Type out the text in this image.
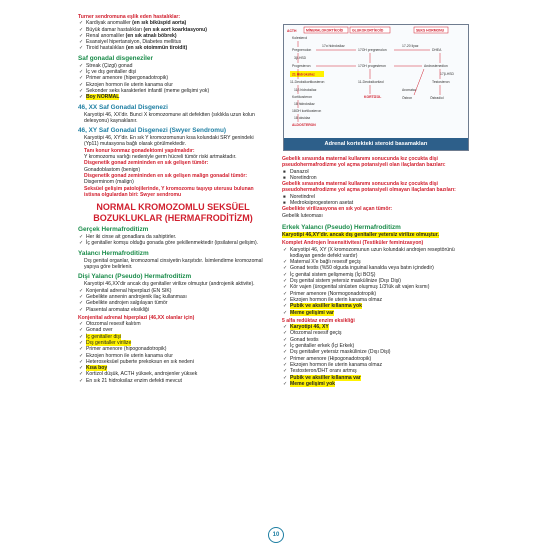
Turner sendromuna eşlik eden hastalıklar:
✓ Kardiyak anomaliler (en sık biküspid aorta)
✓ Büyük damar hastalıkları (en sık aort koarktasyonu)
✓ Renal anomaliler (en sık atnalı böbrek)
✓ Esansiyel hipertansiyon, Diabetes mellitus
✓ Tiroid hastalıkları (en sık otoimmün tiroidit)
Saf gonadal disgenezi̇ler
✓ Streak (Çizgi) gonad
✓ İç ve dış genitaller dişi
✓ Primer amenore (hipergonadotropik)
✓ Ekzojen hormon ile uterin kanama olur
✓ Sekonder seks karakterleri infantil (meme gelişimi yok)
✓ Boy NORMAL
46, XX Saf Gonadal Disgenezi
Karyotipi 46, XX'dir. Bunci X kromozomune ait defektten (sıklıkla uzun kolun delesyonu) kaynaklanır.
46, XY Saf Gonadal Disgenezi (Swyer Sendromu)
Karyotipi 46, XY'dir. En sık Y kromozomunun kısa kolundaki SRY genindeki (Yp11) mutasyona bağlı olarak görülmektedir.
Tanı konur konmaz gonadektomi yapılmalıdır:
Y kromozomu varlığı nedeniyle germ hücreli tümör riski artmaktadır.
Disgenetik gonad zemininden en sık gelişen tümör:
Gonadoblastom (benign)
Disgenetik gonad zemininden en sık gelişen malign gonadal tümör:
Disgerminom (malign)
Seksüel gelişim patolojilerinde, Y kromozomu taşıyıp uterusu bulunan istisna olgulardan biri: Swyer sendromu
NORMAL KROMOZOMLU SEKSÜEL BOZUKLUKLAR (HERMAFRODİTİZM)
Gerçek Hermafroditizm
✓ Her iki cinse ait gonadlara da sahiptirler.
✓ İç genitaller komşu olduğu gonada göre şekillenmektedir (ipsilateral gelişim).
Yalancı Hermafroditizm
Dış genital organlar, kromozomal cinsiyetin karşıtıdır. İsimlendirme kromozomal yapıya göre belirlenir.
Dişi Yalancı (Pseudo) Hermafroditizm
Karyotipi 46,XX'dir ancak dış genitaller virilize olmuştur (androjenik aktivite).
✓ Konjenital adrenal hiperplazi (EN SIK)
✓ Gebelikte annenin androjenik ilaç kullanması
✓ Gebelikte androjen salgılayan tümör
✓ Plasental aromataz eksikliği
Konjenital adrenal hiperplazi (46,XX olanlar için)
✓ Otozomal resesif kalıtım
✓ Gonad over
✓ İç genitaller dişi
✓ Dış genitaller virilize
✓ Primer amenore (hipogonadotropik)
✓ Ekzojen hormon ile uterin kanama olur
✓ Heteroseksüel puberte prekoksun en sık nedeni
✓ Kısa boy
✓ Kortizol düşük, ACTH yüksek, androjenler yüksek
✓ En sık 21 hidroksilaz enzim defekti mevcut
ACTH	MİNERALOKORTİKOİD	GLUKOKORTİKOİD	SEKS HORMONU
Kolesterol
Pregnenolon
17α hidroksilaz
17OH pregnenolon
17-20 liyaz
DHEA
3β-HSD
Progesteron	17OH progesteron	Androstenedion
21 Hidroksilaz
11-Deoksikortikosteron	11-Deoksikortizol	Testosteron
11β hidroksilaz
Kortikosteron	KORTİZOL
18 hidroksilaz
18OH kortikosteron
18 oksidaz
ALDOSTERON
17β-HSD
Östradiol
Aromataz
Östron
Adrenal kortekteki steroid basamakları
Gebelik sırasında maternal kullanımı sonucunda kız çocukta dişi pseudohermafrodizme yol açma potansiyeli olan ilaçlardan bazıları:
■ Danazol
■ Noretindron
Gebelik sırasında maternal kullanımı sonucunda kız çocukta dişi pseudohermafrodizme yol açma potansiyeli olmayan ilaçlardan bazıları:
■ Noretindrel
■ Medroksiprogesteron asetat
Gebelikte virilizasyona en sık yol açan tümör:
Gebelik luteoması
Erkek Yalancı (Pseudo) Hermafroditizm
Karyotipi 46,XY'dir. ancak dış genitaller yetersiz virilize olmuştur.
Komplet Androjen İnsensitivitesi (Testiküler feminizasyon)
✓ Karyotipi 46, XY (X kromozomunun uzun kolundaki androjen reseptörünü kodlayan gende defekt vardır)
✓ Maternal X'e bağlı resesif geçiş
✓ Gonad testis (%50 olguda inguinal kanalda veya batın içindedir)
✓ İç genital sistem gelişmemiş (İçi BOŞ)
✓ Dış genital sistem yetersiz maskülinize (Dışı Dişi)
✓ Kör vajen (ürogenital sinüsten oluşmuş 1/3'lük alt vajen kısmı)
✓ Primer amenore (Normogonadotropik)
✓ Ekzojen hormon ile uterin kanama olmaz
✓ Pubik ve aksiller kıllanma yok
✓ Meme gelişimi var
5 alfa redüktaz enzim eksikliği
✓ Karyotipi 46, XY
✓ Otozomal resesif geçiş
✓ Gonad testis
✓ İç genitaller erkek (İçi Erkek)
✓ Dış genitaller yetersiz maskülinize (Dışı Dişi)
✓ Primer amenore (Hipogonadotropik)
✓ Ekzojen hormon ile uterin kanama olmaz
✓ Testosteron/DHT oranı artmış
✓ Pubik ve aksiller kıllanma var
✓ Meme gelişimi yok
10
